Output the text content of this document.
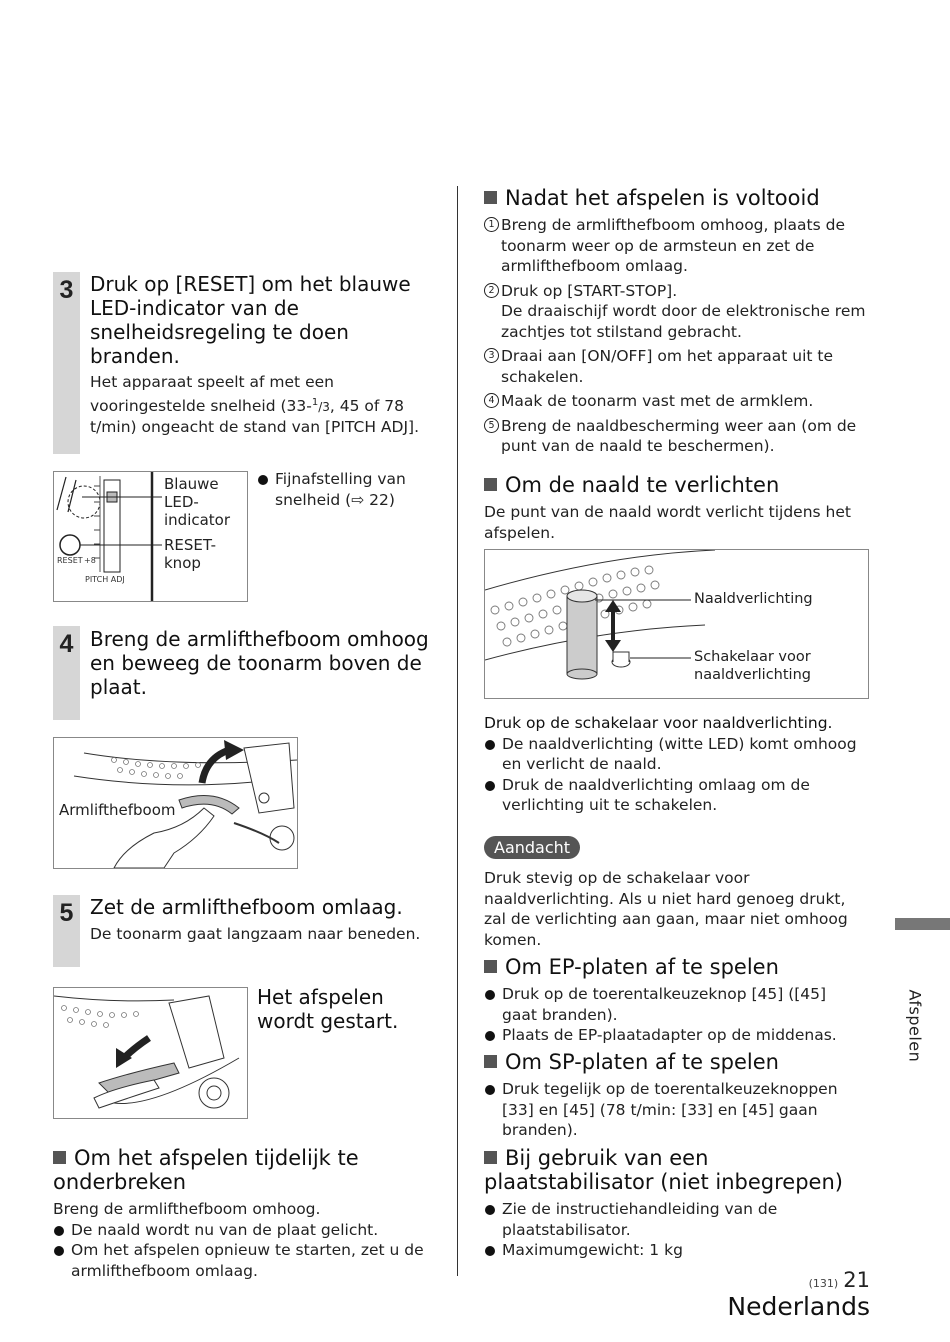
3 Druk op [RESET] om het blauwe LED-indicator van de snelheidsregeling te doen branden.
Het apparaat speelt af met een vooringestelde snelheid (33-$^1$/3, 45 of 78 t/min) ongeacht de stand van [PITCH ADJ].
RESET +8
PITCH ADJ
Blauwe LED-indicator
RESET-knop
Fijnafstelling van snelheid (⇨ 22)
4 Breng de armlifthefboom omhoog en beweeg de toonarm boven de plaat.
Armlifthefboom
5 Zet de armlifthefboom omlaag.
De toonarm gaat langzaam naar beneden.
Het afspelen wordt gestart.
Om het afspelen tijdelijk te onderbreken
Breng de armlifthefboom omhoog.
De naald wordt nu van de plaat gelicht.
Om het afspelen opnieuw te starten, zet u de armlifthefboom omlaag.
Nadat het afspelen is voltooid
1 Breng de armlifthefboom omhoog, plaats de toonarm weer op de armsteun en zet de armlifthefboom omlaag.
2 Druk op [START-STOP].
De draaischijf wordt door de elektronische rem zachtjes tot stilstand gebracht.
3 Draai aan [ON/OFF] om het apparaat uit te schakelen.
4 Maak de toonarm vast met de armklem.
5 Breng de naaldbescherming weer aan (om de punt van de naald te beschermen).
Om de naald te verlichten
De punt van de naald wordt verlicht tijdens het afspelen.
Naaldverlichting
Schakelaar voor naaldverlichting
Druk op de schakelaar voor naaldverlichting.
De naaldverlichting (witte LED) komt omhoog en verlicht de naald.
Druk de naaldverlichting omlaag om de verlichting uit te schakelen.
Aandacht
Druk stevig op de schakelaar voor naaldverlichting. Als u niet hard genoeg drukt, zal de verlichting aan gaan, maar niet omhoog komen.
Om EP-platen af te spelen
Druk op de toerentalkeuzeknop [45] ([45] gaat branden).
Plaats de EP-plaatadapter op de middenas.
Om SP-platen af te spelen
Druk tegelijk op de toerentalkeuzeknoppen [33] en [45] (78 t/min: [33] en [45] gaan branden).
Bij gebruik van een plaatstabilisator (niet inbegrepen)
Zie de instructiehandleiding van de plaatstabilisator.
Maximumgewicht: 1 kg
Afspelen
(131) 21
Nederlands
